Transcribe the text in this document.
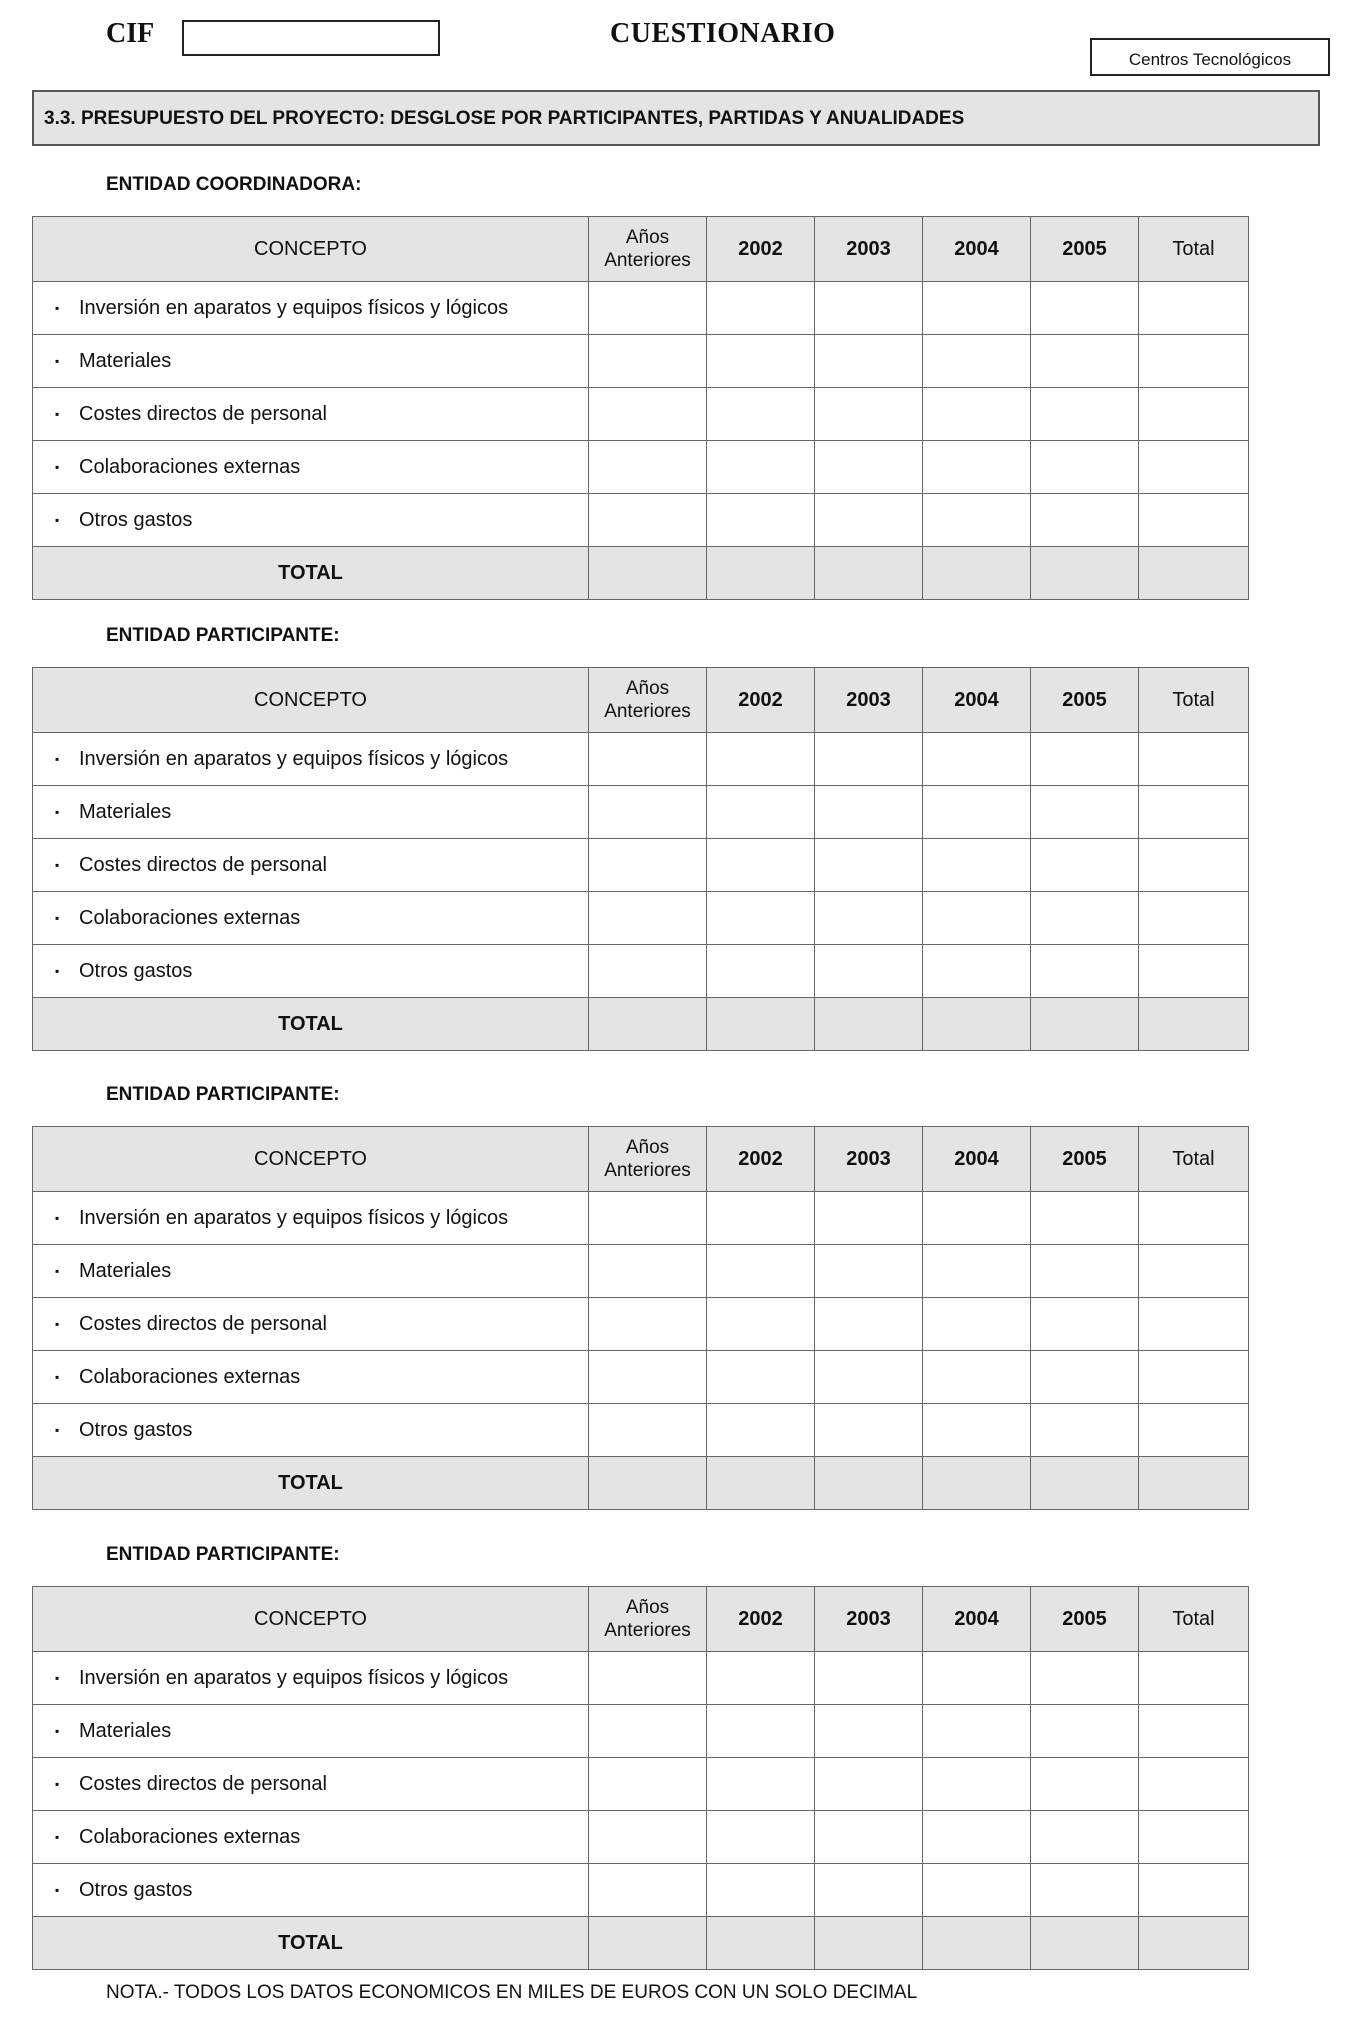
CIF	CUESTIONARIO
Centros Tecnológicos
3.3. PRESUPUESTO DEL PROYECTO: DESGLOSE POR PARTICIPANTES, PARTIDAS Y ANUALIDADES
ENTIDAD COORDINADORA:
CONCEPTO	Años
Anteriores	2002	2003	2004	2005	Total
▪ Inversión en aparatos y equipos físicos y lógicos						
▪ Materiales						
▪ Costes directos de personal						
▪ Colaboraciones externas						
▪ Otros gastos						
TOTAL						
ENTIDAD PARTICIPANTE:
CONCEPTO	Años
Anteriores	2002	2003	2004	2005	Total
▪ Inversión en aparatos y equipos físicos y lógicos						
▪ Materiales						
▪ Costes directos de personal						
▪ Colaboraciones externas						
▪ Otros gastos						
TOTAL						
ENTIDAD PARTICIPANTE:
CONCEPTO	Años
Anteriores	2002	2003	2004	2005	Total
▪ Inversión en aparatos y equipos físicos y lógicos						
▪ Materiales						
▪ Costes directos de personal						
▪ Colaboraciones externas						
▪ Otros gastos						
TOTAL						
ENTIDAD PARTICIPANTE:
CONCEPTO	Años
Anteriores	2002	2003	2004	2005	Total
▪ Inversión en aparatos y equipos físicos y lógicos						
▪ Materiales						
▪ Costes directos de personal						
▪ Colaboraciones externas						
▪ Otros gastos						
TOTAL						
NOTA.- TODOS LOS DATOS ECONOMICOS EN MILES DE EUROS CON UN SOLO DECIMAL
